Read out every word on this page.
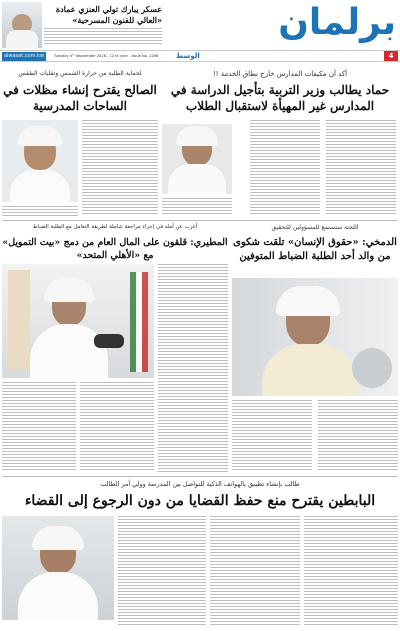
عسكر يبارك تولي العنزي عمادة «العالي للفنون المسرحية»	برلمان
alwasat.com.kw	Tuesday 4ᵗʰ September 2018 - 12 th year - Issue No. 1266	الوسط	4
أكد أن مكيفات المدارس خارج نطاق الخدمة !!
حماد يطالب وزير التربية بتأجيل الدراسة في المدارس غير المهيأة لاستقبال الطلاب
لحماية الطلبة من حرارة الشمس وتقلبات الطقس
الصالح يقترح إنشاء مظلات في الساحات المدرسية
اللجنة ستستمع للمسؤولين للتحقيق
الدمخي: «حقوق الإنسان» تلقت شكوى من والد أحد الطلبة الضباط المتوفين
أعرب عن أمله في إجراء مراجعة شاملة لطريقة التعامل مع الطلبة الضباط
المطيري: قلقون على المال العام من دمج «بيت التمويل» مع «الأهلي المتحد»
طالب بإنشاء تطبيق يالهواتف الذكية للتواصل بين المدرسة وولي أمر الطالب
البابطين يقترح منع حفظ القضايا من دون الرجوع إلى القضاء
